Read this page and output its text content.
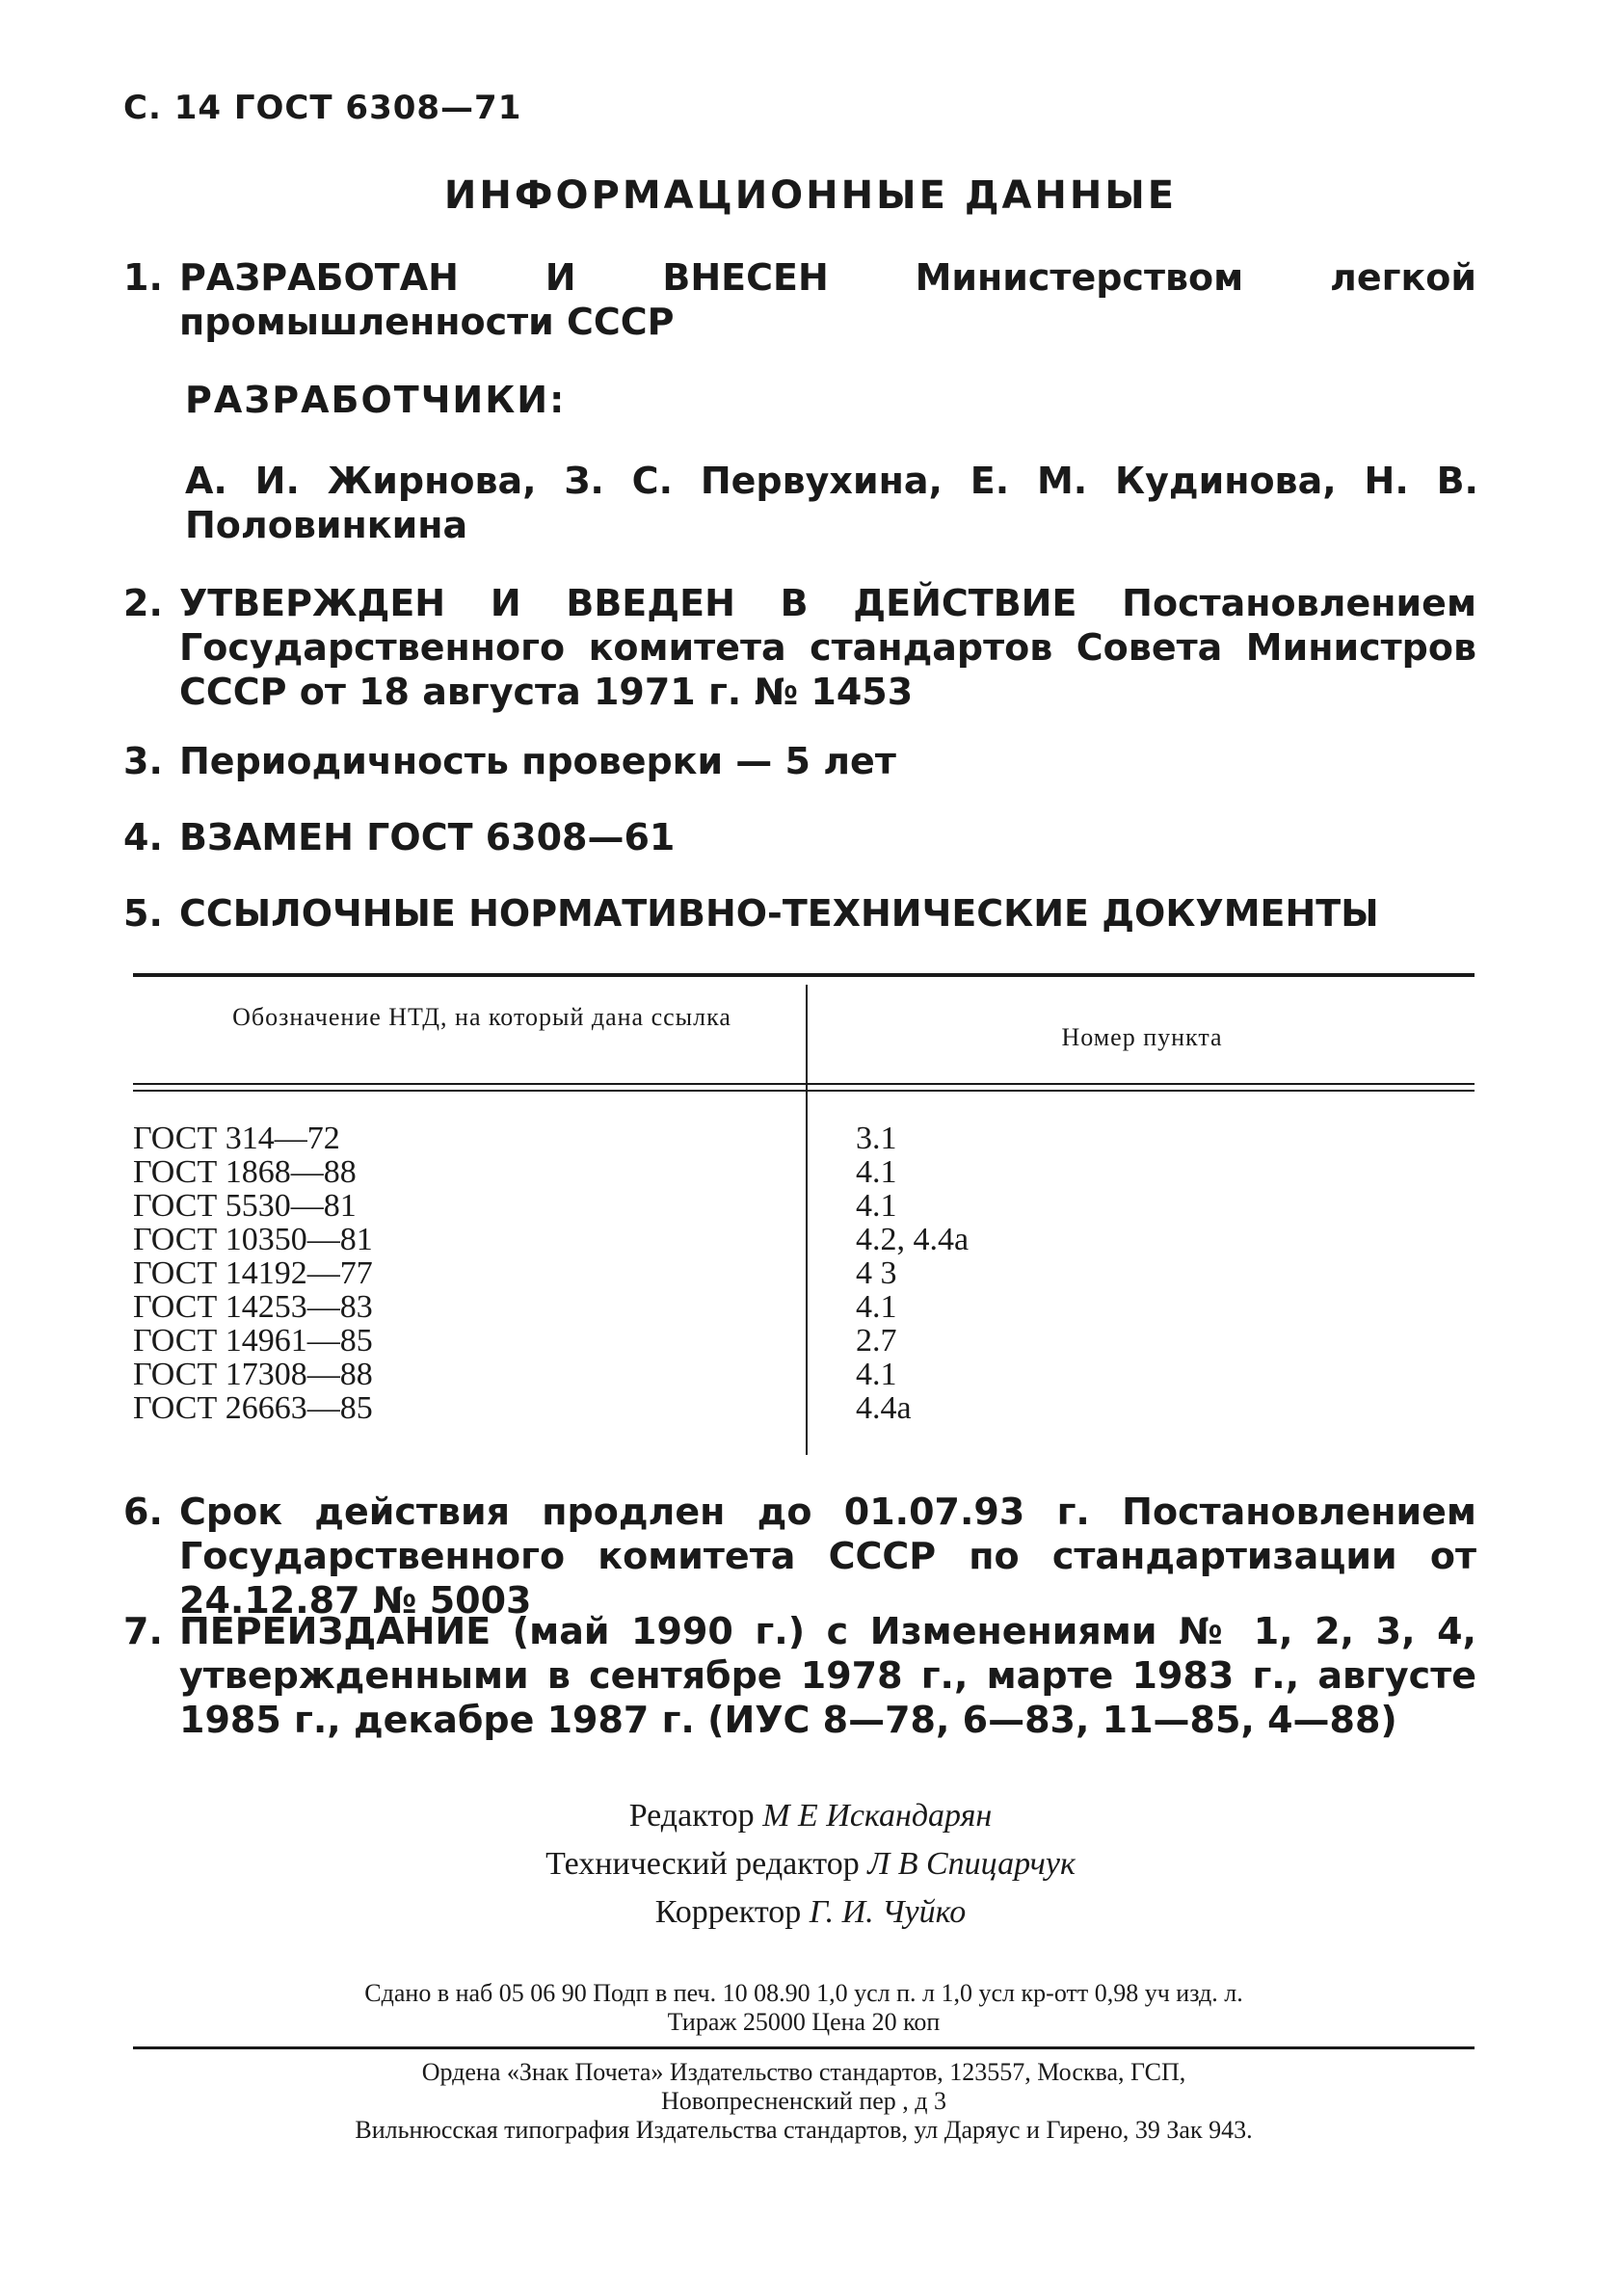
С. 14 ГОСТ 6308—71
ИНФОРМАЦИОННЫЕ ДАННЫЕ
1. РАЗРАБОТАН И ВНЕСЕН Министерством легкой промышленности СССР
РАЗРАБОТЧИКИ:
А. И. Жирнова, З. С. Первухина, Е. М. Кудинова, Н. В. Половинкина
2. УТВЕРЖДЕН И ВВЕДЕН В ДЕЙСТВИЕ Постановлением Государственного комитета стандартов Совета Министров СССР от 18 августа 1971 г. № 1453
3. Периодичность проверки — 5 лет
4. ВЗАМЕН ГОСТ 6308—61
5. ССЫЛОЧНЫЕ НОРМАТИВНО-ТЕХНИЧЕСКИЕ ДОКУМЕНТЫ
Обозначение НТД, на который дана ссылка
Номер пункта
ГОСТ 314—72
ГОСТ 1868—88
ГОСТ 5530—81
ГОСТ 10350—81
ГОСТ 14192—77
ГОСТ 14253—83
ГОСТ 14961—85
ГОСТ 17308—88
ГОСТ 26663—85
3.1
4.1
4.1
4.2, 4.4а
4 3
4.1
2.7
4.1
4.4а
6. Срок действия продлен до 01.07.93 г. Постановлением Государственного комитета СССР по стандартизации от 24.12.87 № 5003
7. ПЕРЕИЗДАНИЕ (май 1990 г.) с Изменениями № 1, 2, 3, 4, утвержденными в сентябре 1978 г., марте 1983 г., августе 1985 г., декабре 1987 г. (ИУС 8—78, 6—83, 11—85, 4—88)
Редактор М Е Искандарян
Технический редактор Л В Спицарчук
Корректор Г. И. Чуйко
Сдано в наб 05 06 90 Подп в печ. 10 08.90 1,0 усл п. л 1,0 усл кр-отт 0,98 уч изд. л.
Тираж 25000 Цена 20 коп
Ордена «Знак Почета» Издательство стандартов, 123557, Москва, ГСП,
Новопресненский пер , д 3
Вильнюсская типография Издательства стандартов, ул Даряус и Гирено, 39 Зак 943.
